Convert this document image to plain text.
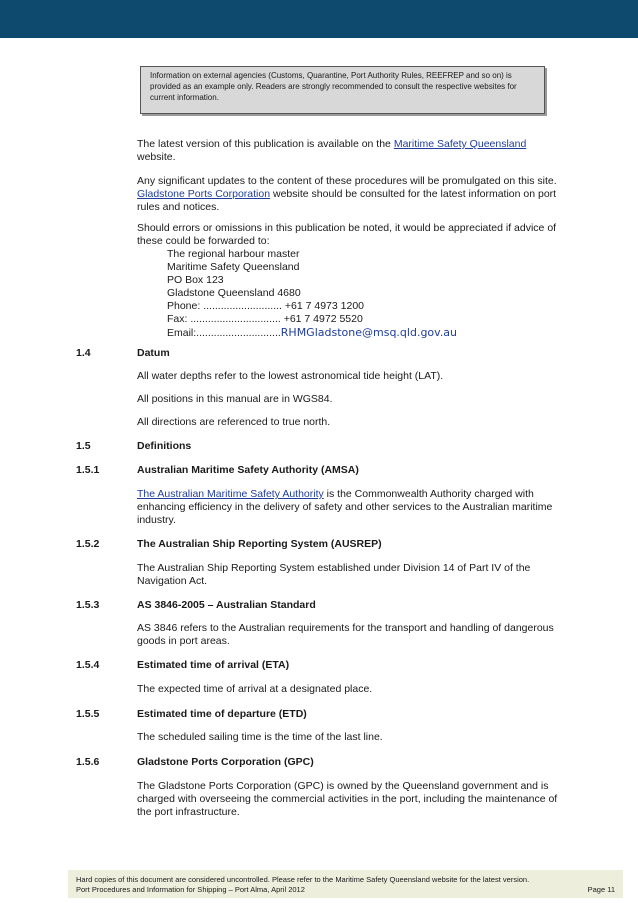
Information on external agencies (Customs, Quarantine, Port Authority Rules, REEFREP and so on) is provided as an example only. Readers are strongly recommended to consult the respective websites for current information.

The latest version of this publication is available on the Maritime Safety Queensland website.

Any significant updates to the content of these procedures will be promulgated on this site. Gladstone Ports Corporation website should be consulted for the latest information on port rules and notices.

Should errors or omissions in this publication be noted, it would be appreciated if advice of these could be forwarded to:

The regional harbour master
Maritime Safety Queensland
PO Box 123
Gladstone Queensland 4680
Phone: ........................... +61 7 4973 1200
Fax: ............................... +61 7 4972 5520
Email:.............................RHMGladstone@msq.qld.gov.au
1.4	Datum
All water depths refer to the lowest astronomical tide height (LAT).
All positions in this manual are in WGS84.
All directions are referenced to true north.
1.5	Definitions
1.5.1	Australian Maritime Safety Authority (AMSA)

The Australian Maritime Safety Authority is the Commonwealth Authority charged with enhancing efficiency in the delivery of safety and other services to the Australian maritime industry.

1.5.2	The Australian Ship Reporting System (AUSREP)
The Australian Ship Reporting System established under Division 14 of Part IV of the Navigation Act.
1.5.3	AS 3846-2005 – Australian Standard
AS 3846 refers to the Australian requirements for the transport and handling of dangerous goods in port areas.
1.5.4	Estimated time of arrival (ETA)
The expected time of arrival at a designated place.
1.5.5	Estimated time of departure (ETD)
The scheduled sailing time is the time of the last line.
1.5.6	Gladstone Ports Corporation (GPC)
The Gladstone Ports Corporation (GPC) is owned by the Queensland government and is charged with overseeing the commercial activities in the port, including the maintenance of the port infrastructure.
Hard copies of this document are considered uncontrolled. Please refer to the Maritime Safety Queensland website for the latest version.
Port Procedures and Information for Shipping – Port Alma, April 2012	Page 11
